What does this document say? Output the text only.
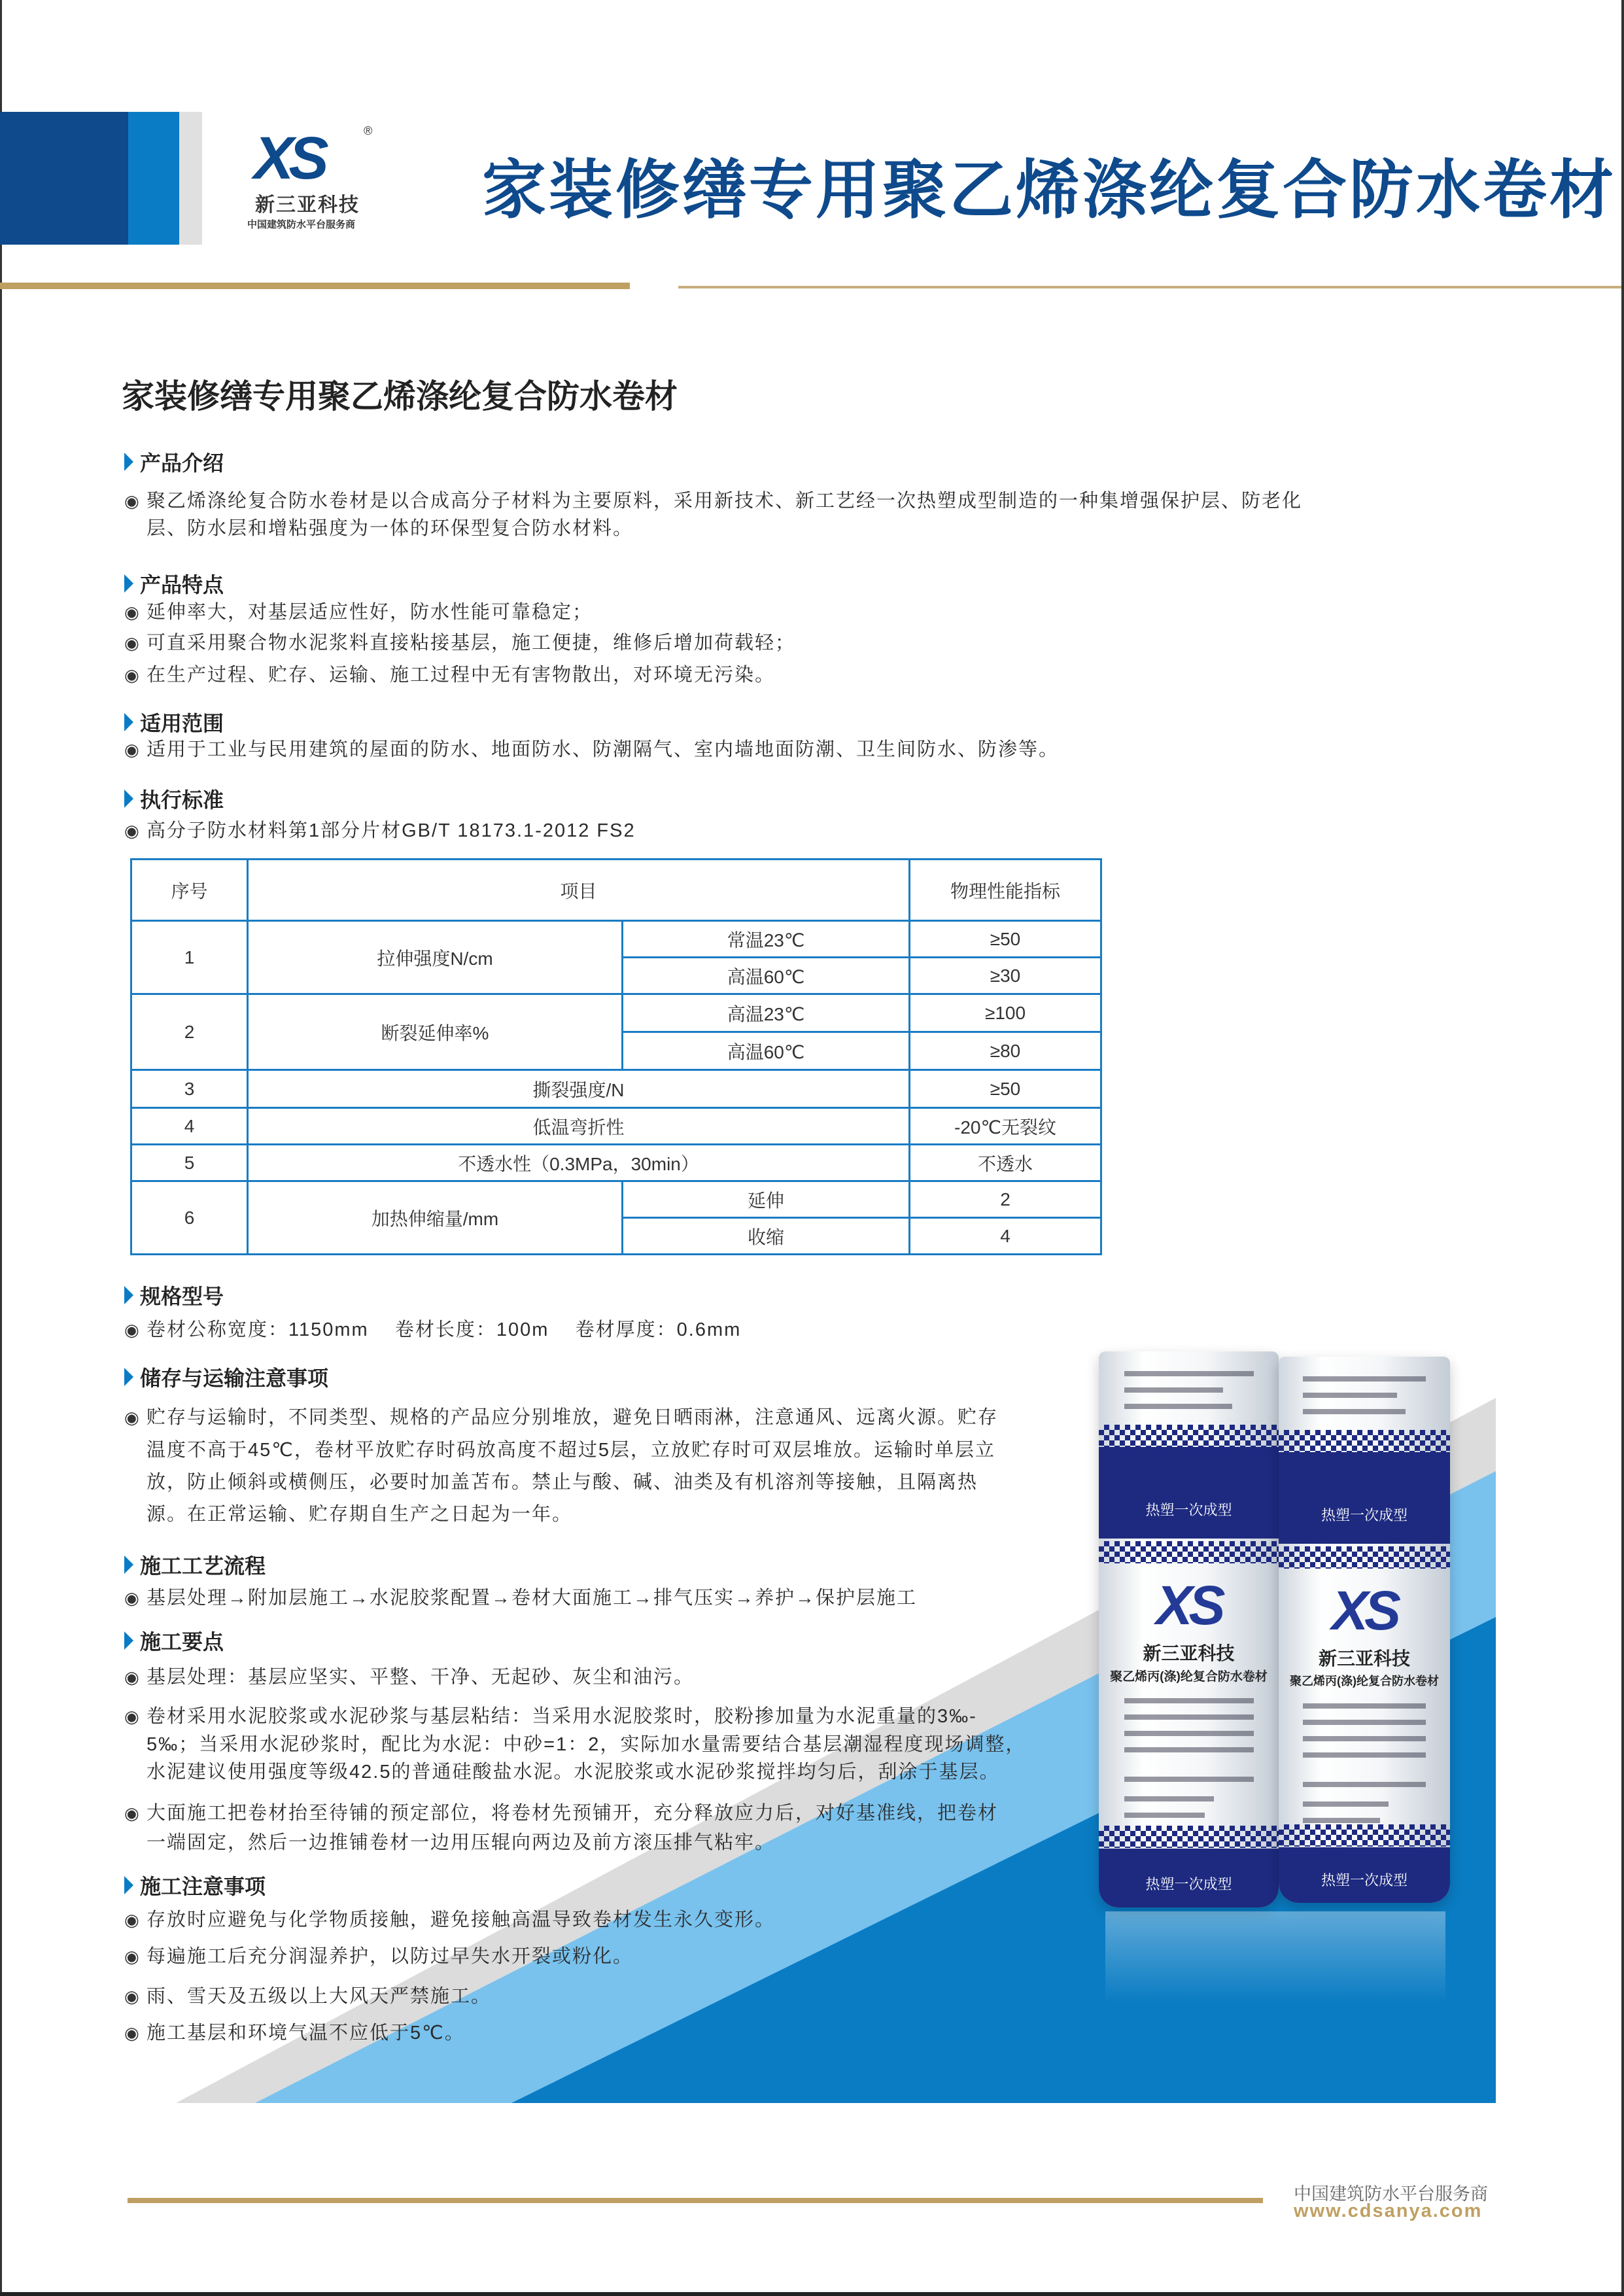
XS	®
新三亚科技
中国建筑防水平台服务商 家装修缮专用聚乙烯涤纶复合防水卷材
家装修缮专用聚乙烯涤纶复合防水卷材
产品介绍
产品特点
适用范围
执行标准
规格型号
储存与运输注意事项
施工工艺流程
施工要点
施工注意事项
◉ 聚乙烯涤纶复合防水卷材是以合成高分子材料为主要原料，采用新技术、新工艺经一次热塑成型制造的一种集增强保护层、防老化
层、防水层和增粘强度为一体的环保型复合防水材料。
◉ 延伸率大，对基层适应性好，防水性能可靠稳定；
◉ 可直采用聚合物水泥浆料直接粘接基层，施工便捷，维修后增加荷载轻；
◉ 在生产过程、贮存、运输、施工过程中无有害物散出，对环境无污染。
◉ 适用于工业与民用建筑的屋面的防水、地面防水、防潮隔气、室内墙地面防潮、卫生间防水、防渗等。
◉ 高分子防水材料第1部分片材GB/T 18173.1-2012 FS2
序号	项目		物理性能指标
1	拉伸强度N/cm	常温23℃	≥50
		高温60℃	≥30
2	断裂延伸率%	高温23℃	≥100
		高温60℃	≥80
3	撕裂强度/N		≥50
4	低温弯折性		-20℃无裂纹
5	不透水性（0.3MPa，30min）		不透水
6	加热伸缩量/mm	延伸	2
		收缩	4
◉ 卷材公称宽度：1150mm    卷材长度：100m    卷材厚度：0.6mm
◉ 贮存与运输时，不同类型、规格的产品应分别堆放，避免日晒雨淋，注意通风、远离火源。贮存
温度不高于45℃，卷材平放贮存时码放高度不超过5层，立放贮存时可双层堆放。运输时单层立
放，防止倾斜或横侧压，必要时加盖苫布。禁止与酸、碱、油类及有机溶剂等接触，且隔离热
源。在正常运输、贮存期自生产之日起为一年。
◉ 基层处理→附加层施工→水泥胶浆配置→卷材大面施工→排气压实→养护→保护层施工
◉ 基层处理：基层应坚实、平整、干净、无起砂、灰尘和油污。
◉ 卷材采用水泥胶浆或水泥砂浆与基层粘结：当采用水泥胶浆时，胶粉掺加量为水泥重量的3‰-
5‰；当采用水泥砂浆时，配比为水泥：中砂=1：2，实际加水量需要结合基层潮湿程度现场调整，
水泥建议使用强度等级42.5的普通硅酸盐水泥。水泥胶浆或水泥砂浆搅拌均匀后，刮涂于基层。
◉ 大面施工把卷材抬至待铺的预定部位，将卷材先预铺开，充分释放应力后，对好基准线，把卷材
一端固定，然后一边推铺卷材一边用压辊向两边及前方滚压排气粘牢。
◉ 存放时应避免与化学物质接触，避免接触高温导致卷材发生永久变形。
◉ 每遍施工后充分润湿养护，以防过早失水开裂或粉化。
◉ 雨、雪天及五级以上大风天严禁施工。
◉ 施工基层和环境气温不应低于5℃。

热塑一次成型
XS
新三亚科技
聚乙烯丙(涤)纶复合防水卷材
热塑一次成型

热塑一次成型
XS
新三亚科技
聚乙烯丙(涤)纶复合防水卷材
热塑一次成型
中国建筑防水平台服务商
www.cdsanya.com
